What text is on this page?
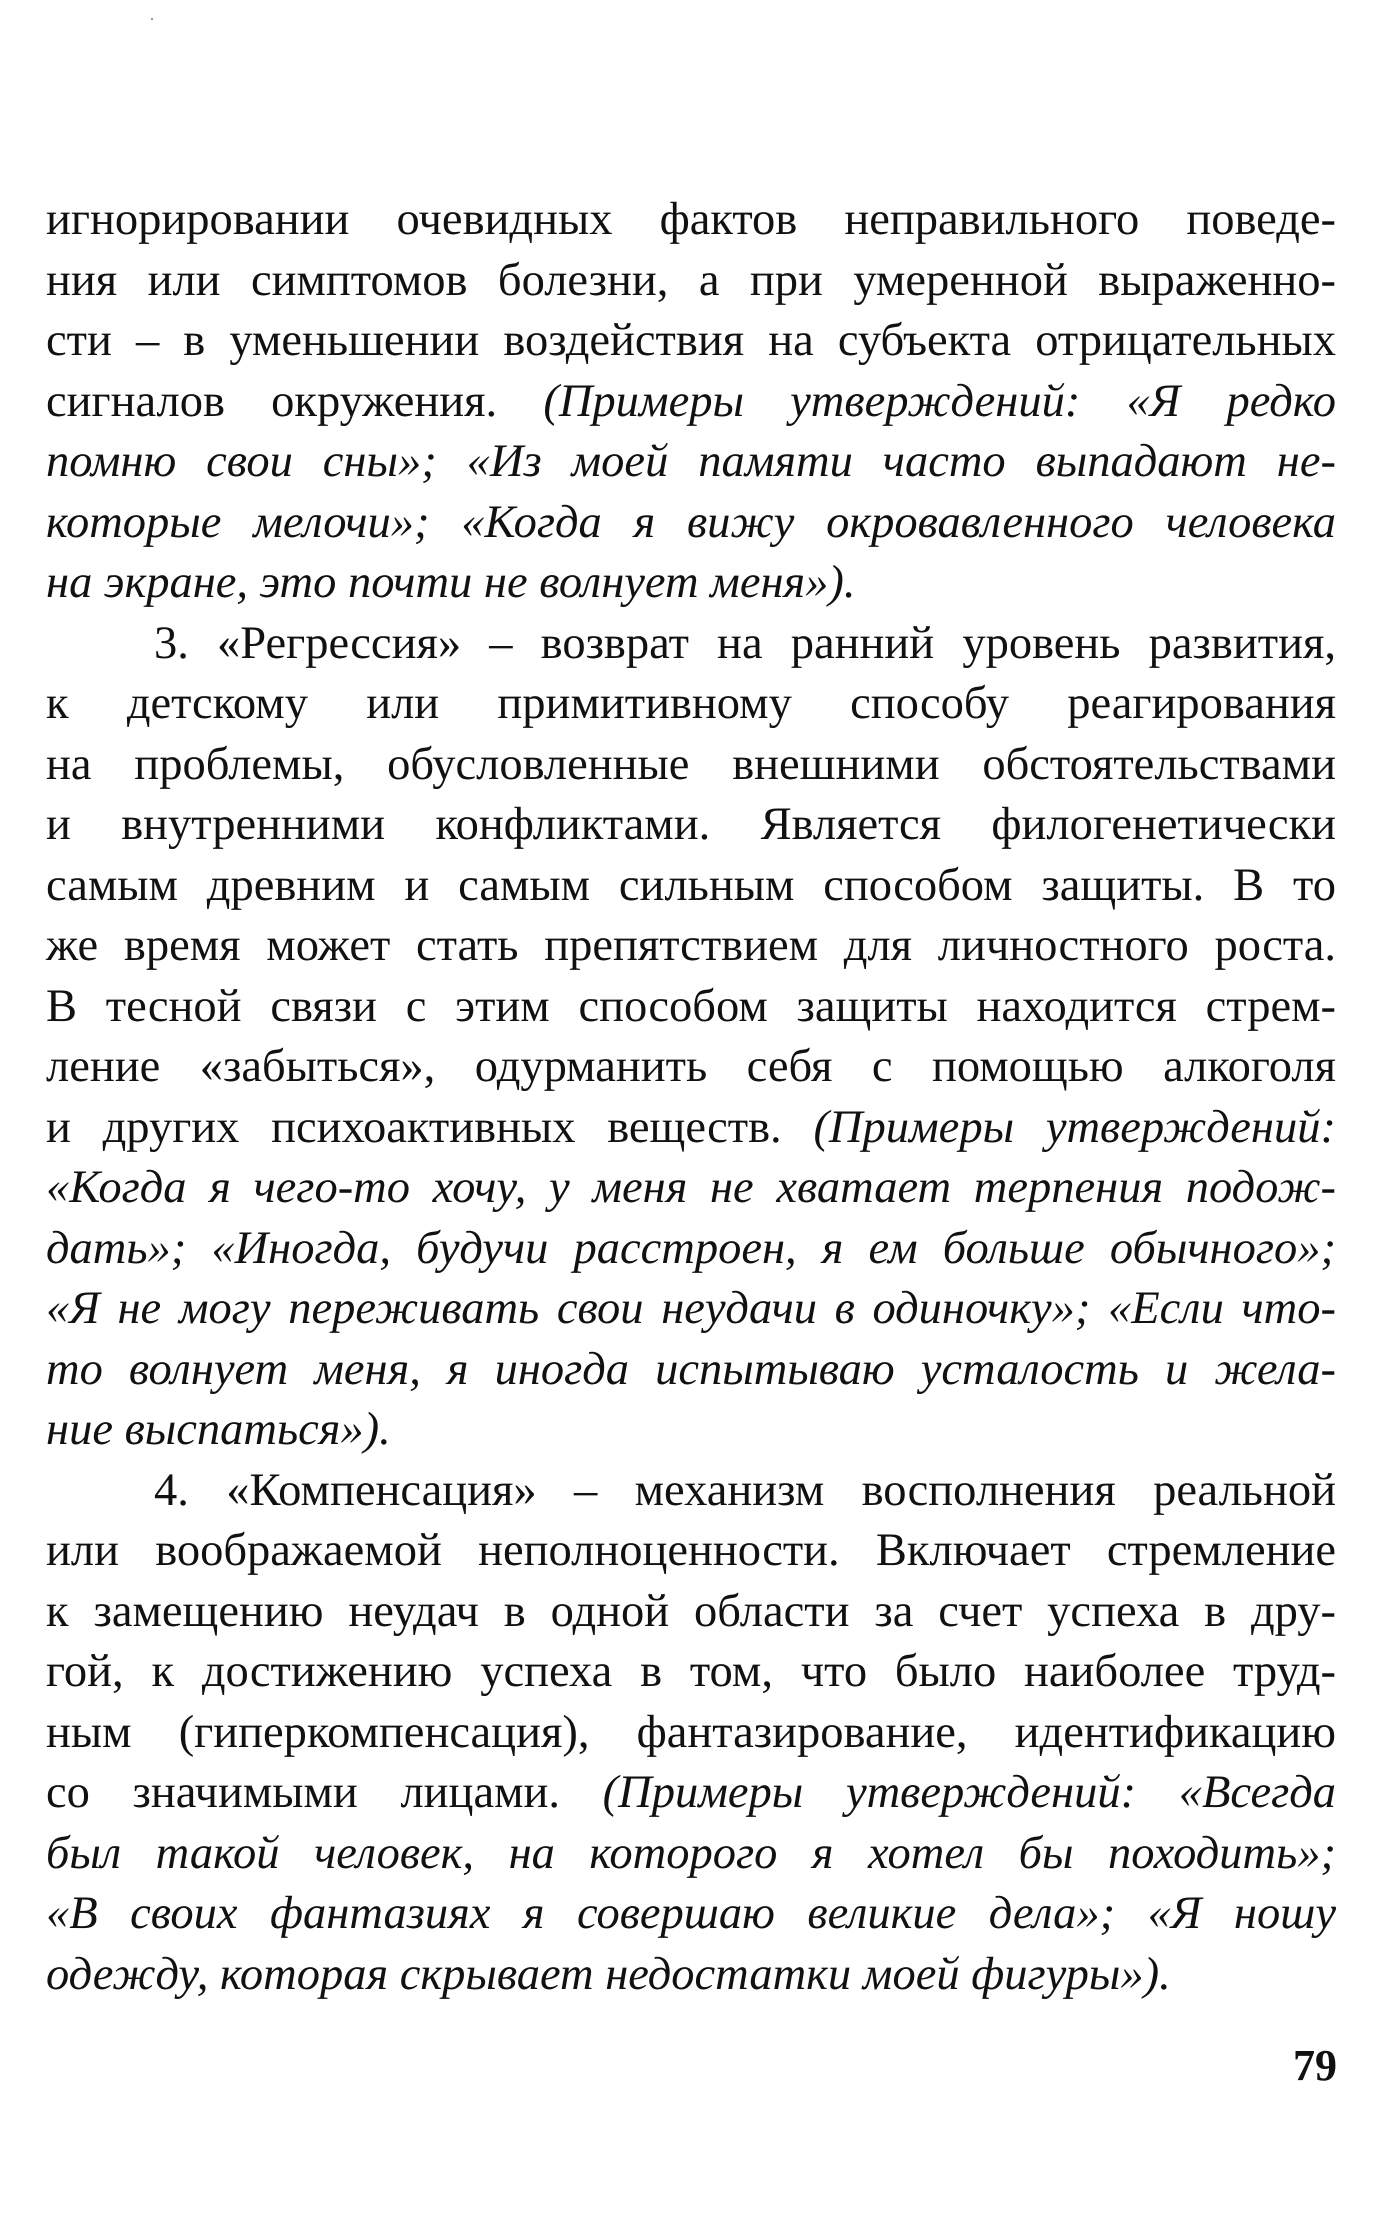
игнорировании очевидных фактов неправильного поведе-
ния или симптомов болезни, а при умеренной выраженно-
сти – в уменьшении воздействия на субъекта отрицательных
сигналов окружения. (Примеры утверждений: «Я редко
помню свои сны»; «Из моей памяти часто выпадают не-
которые мелочи»; «Когда я вижу окровавленного человека
на экране, это почти не волнует меня»).
3. «Регрессия» – возврат на ранний уровень развития,
к детскому или примитивному способу реагирования
на проблемы, обусловленные внешними обстоятельствами
и внутренними конфликтами. Является филогенетически
самым древним и самым сильным способом защиты. В то
же время может стать препятствием для личностного роста.
В тесной связи с этим способом защиты находится стрем-
ление «забыться», одурманить себя с помощью алкоголя
и других психоактивных веществ. (Примеры утверждений:
«Когда я чего-то хочу, у меня не хватает терпения подож-
дать»; «Иногда, будучи расстроен, я ем больше обычного»;
«Я не могу переживать свои неудачи в одиночку»; «Если что-
то волнует меня, я иногда испытываю усталость и жела-
ние выспаться»).
4. «Компенсация» – механизм восполнения реальной
или воображаемой неполноценности. Включает стремление
к замещению неудач в одной области за счет успеха в дру-
гой, к достижению успеха в том, что было наиболее труд-
ным (гиперкомпенсация), фантазирование, идентификацию
со значимыми лицами. (Примеры утверждений: «Всегда
был такой человек, на которого я хотел бы походить»;
«В своих фантазиях я совершаю великие дела»; «Я ношу
одежду, которая скрывает недостатки моей фигуры»).
79
